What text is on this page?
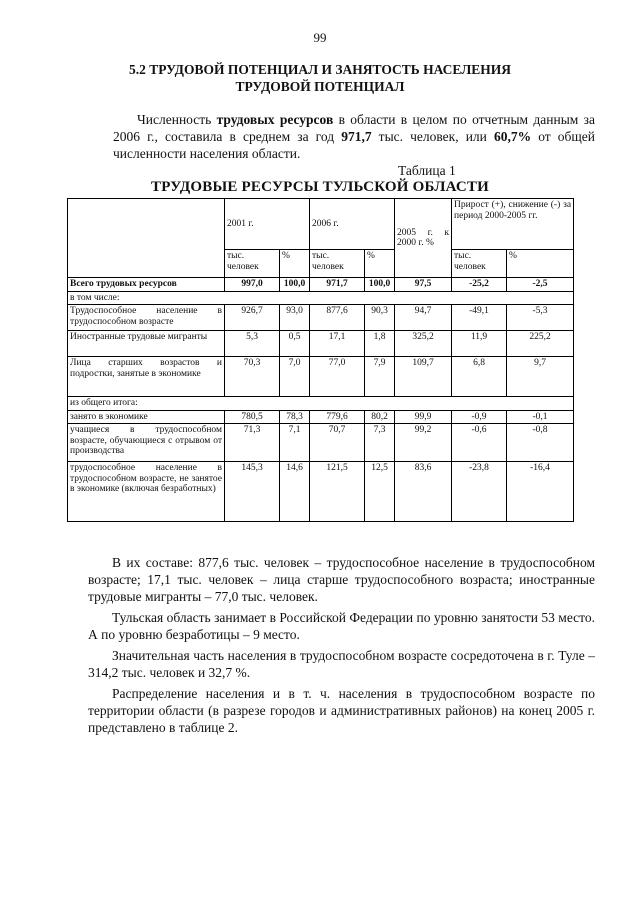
99
5.2 ТРУДОВОЙ ПОТЕНЦИАЛ И ЗАНЯТОСТЬ НАСЕЛЕНИЯ
ТРУДОВОЙ ПОТЕНЦИАЛ
Численность трудовых ресурсов в области в целом по отчетным данным за 2006 г., составила в среднем за год 971,7 тыс. человек, или 60,7% от общей численности населения области.
Таблица 1
ТРУДОВЫЕ РЕСУРСЫ ТУЛЬСКОЙ ОБЛАСТИ
	2001 г.		2006 г.		2005 г. к 2000 г. %	Прирост (+), снижение (-) за период 2000-2005 гг.	
	тыс. человек	%	тыс. человек	%		тыс. человек	%
Всего трудовых ресурсов	997,0	100,0	971,7	100,0	97,5	-25,2	-2,5
в том числе:							
Трудоспособное население в трудоспособном возрасте	926,7	93,0	877,6	90,3	94,7	-49,1	-5,3
Иностранные трудовые мигранты	5,3	0,5	17,1	1,8	325,2	11,9	225,2
Лица старших возрастов и подростки, занятые в экономике	70,3	7,0	77,0	7,9	109,7	6,8	9,7
из общего итога:							
занято в экономике	780,5	78,3	779,6	80,2	99,9	-0,9	-0,1
учащиеся в трудоспособном возрасте, обучающиеся с отрывом от производства	71,3	7,1	70,7	7,3	99,2	-0,6	-0,8
трудоспособное население в трудоспособном возрасте, не занятое в экономике (включая безработных)	145,3	14,6	121,5	12,5	83,6	-23,8	-16,4

В их составе: 877,6 тыс. человек – трудоспособное население в трудоспособном возрасте; 17,1 тыс. человек – лица старше трудоспособного возраста; иностранные трудовые мигранты – 77,0 тыс. человек.

Тульская область занимает в Российской Федерации по уровню занятости 53 место. А по уровню безработицы – 9 место.

Значительная часть населения в трудоспособном возрасте сосредоточена в г. Туле – 314,2 тыс. человек и 32,7 %.

Распределение населения и в т. ч. населения в трудоспособном возрасте по территории области (в разрезе городов и административных районов) на конец 2005 г. представлено в таблице 2.
